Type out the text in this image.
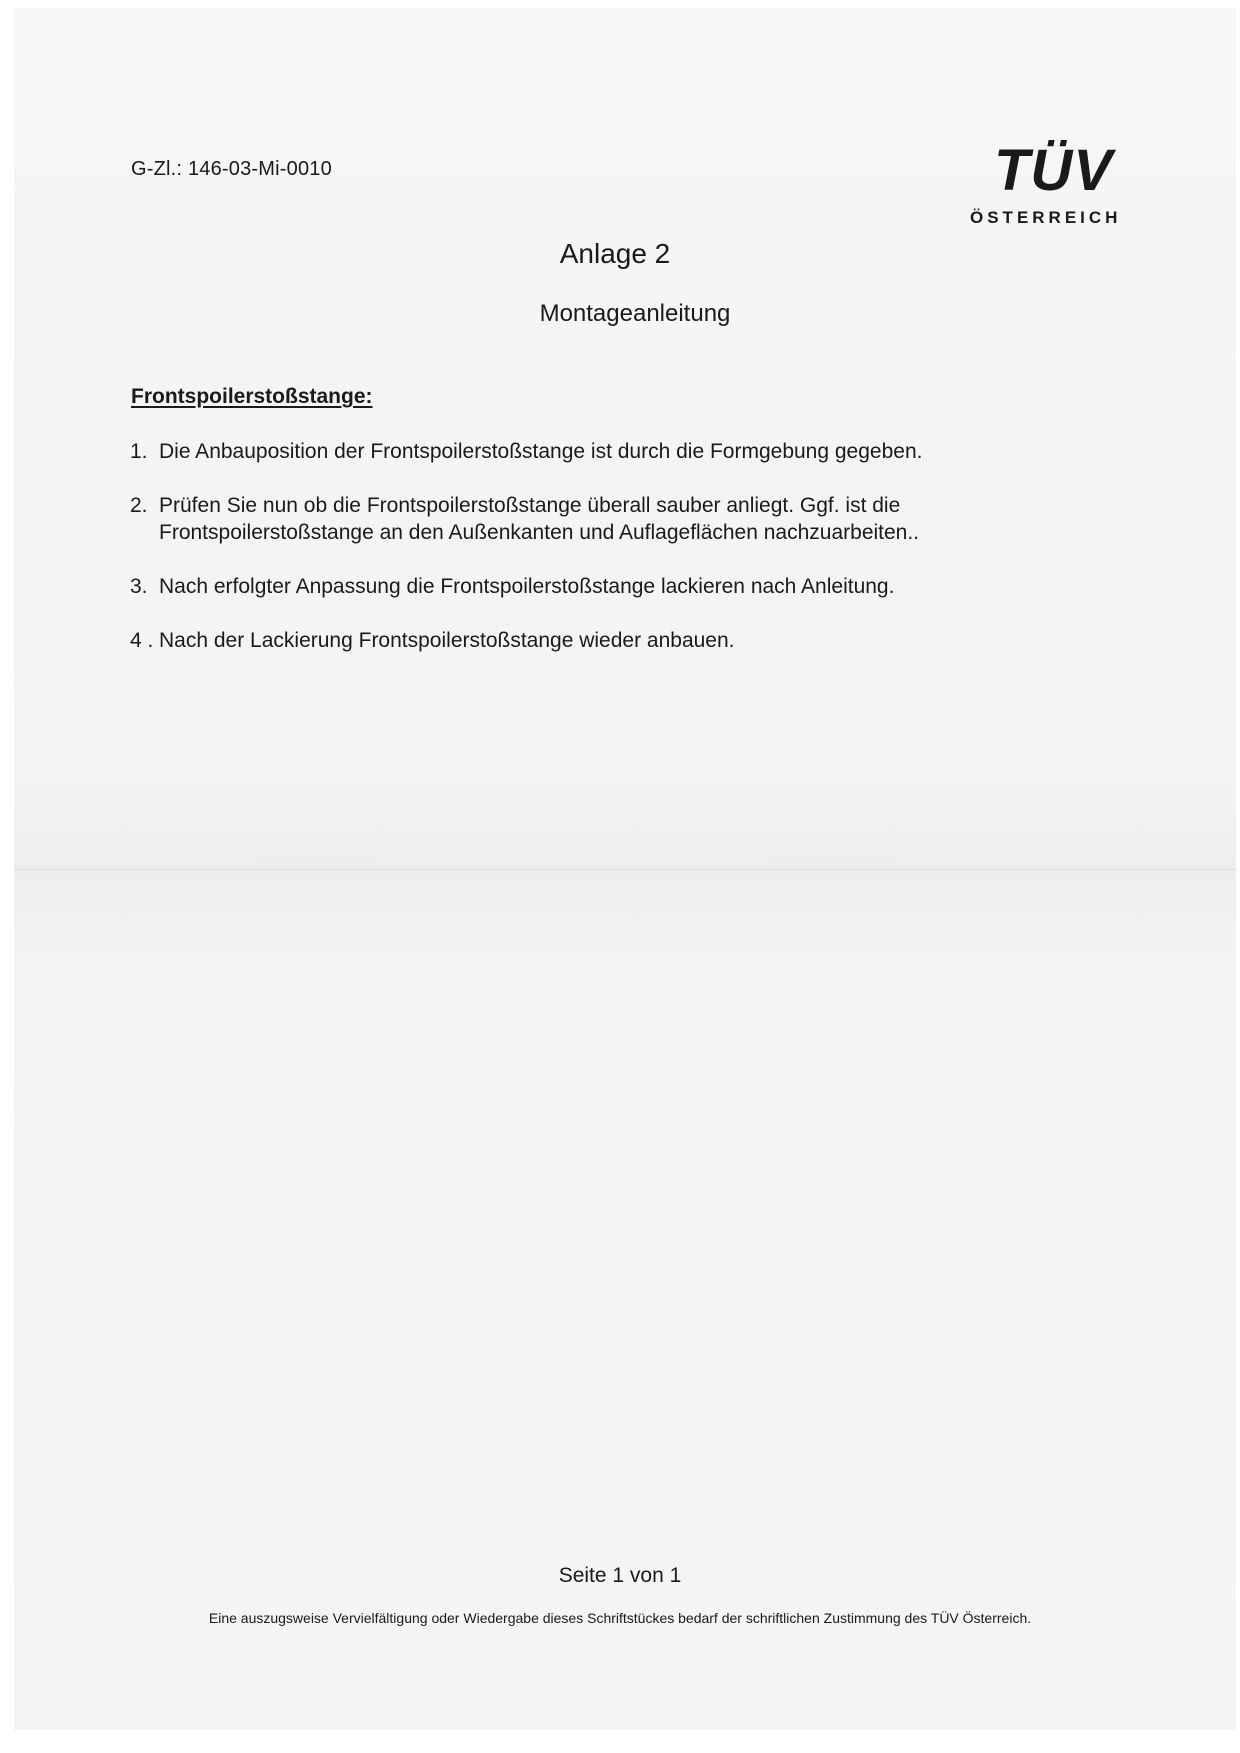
G-Zl.: 146-03-Mi-0010	TÜV
ÖSTERREICH
Anlage 2
Montageanleitung
Frontspoilerstoßstange:
1. Die Anbauposition der Frontspoilerstoßstange ist durch die Formgebung gegeben.
2. Prüfen Sie nun ob die Frontspoilerstoßstange überall sauber anliegt. Ggf. ist die Frontspoilerstoßstange an den Außenkanten und Auflageflächen nachzuarbeiten..
3. Nach erfolgter Anpassung die Frontspoilerstoßstange lackieren nach Anleitung.
4 . Nach der Lackierung Frontspoilerstoßstange wieder anbauen.
Seite 1 von 1
Eine auszugsweise Vervielfältigung oder Wiedergabe dieses Schriftstückes bedarf der schriftlichen Zustimmung des TÜV Österreich.
